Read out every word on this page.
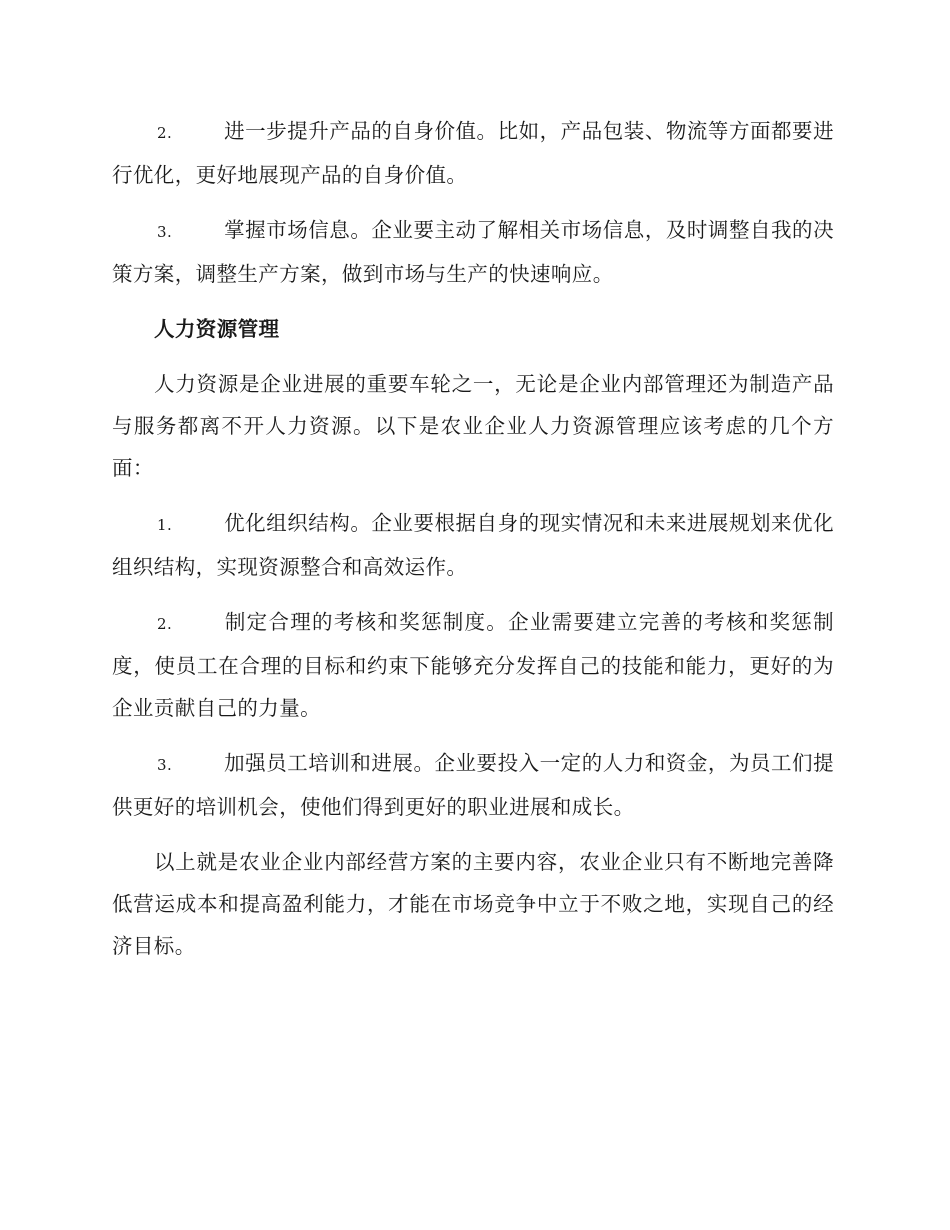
2.	进一步提升产品的自身价值。比如，产品包装、物流等方面都要进行优化，更好地展现产品的自身价值。

3.	掌握市场信息。企业要主动了解相关市场信息，及时调整自我的决策方案，调整生产方案，做到市场与生产的快速响应。

人力资源管理

人力资源是企业进展的重要车轮之一，无论是企业内部管理还为制造产品与服务都离不开人力资源。以下是农业企业人力资源管理应该考虑的几个方面：

1.	优化组织结构。企业要根据自身的现实情况和未来进展规划来优化组织结构，实现资源整合和高效运作。

2.	制定合理的考核和奖惩制度。企业需要建立完善的考核和奖惩制度，使员工在合理的目标和约束下能够充分发挥自己的技能和能力，更好的为企业贡献自己的力量。

3.	加强员工培训和进展。企业要投入一定的人力和资金，为员工们提供更好的培训机会，使他们得到更好的职业进展和成长。

以上就是农业企业内部经营方案的主要内容，农业企业只有不断地完善降低营运成本和提高盈利能力，才能在市场竞争中立于不败之地，实现自己的经济目标。
